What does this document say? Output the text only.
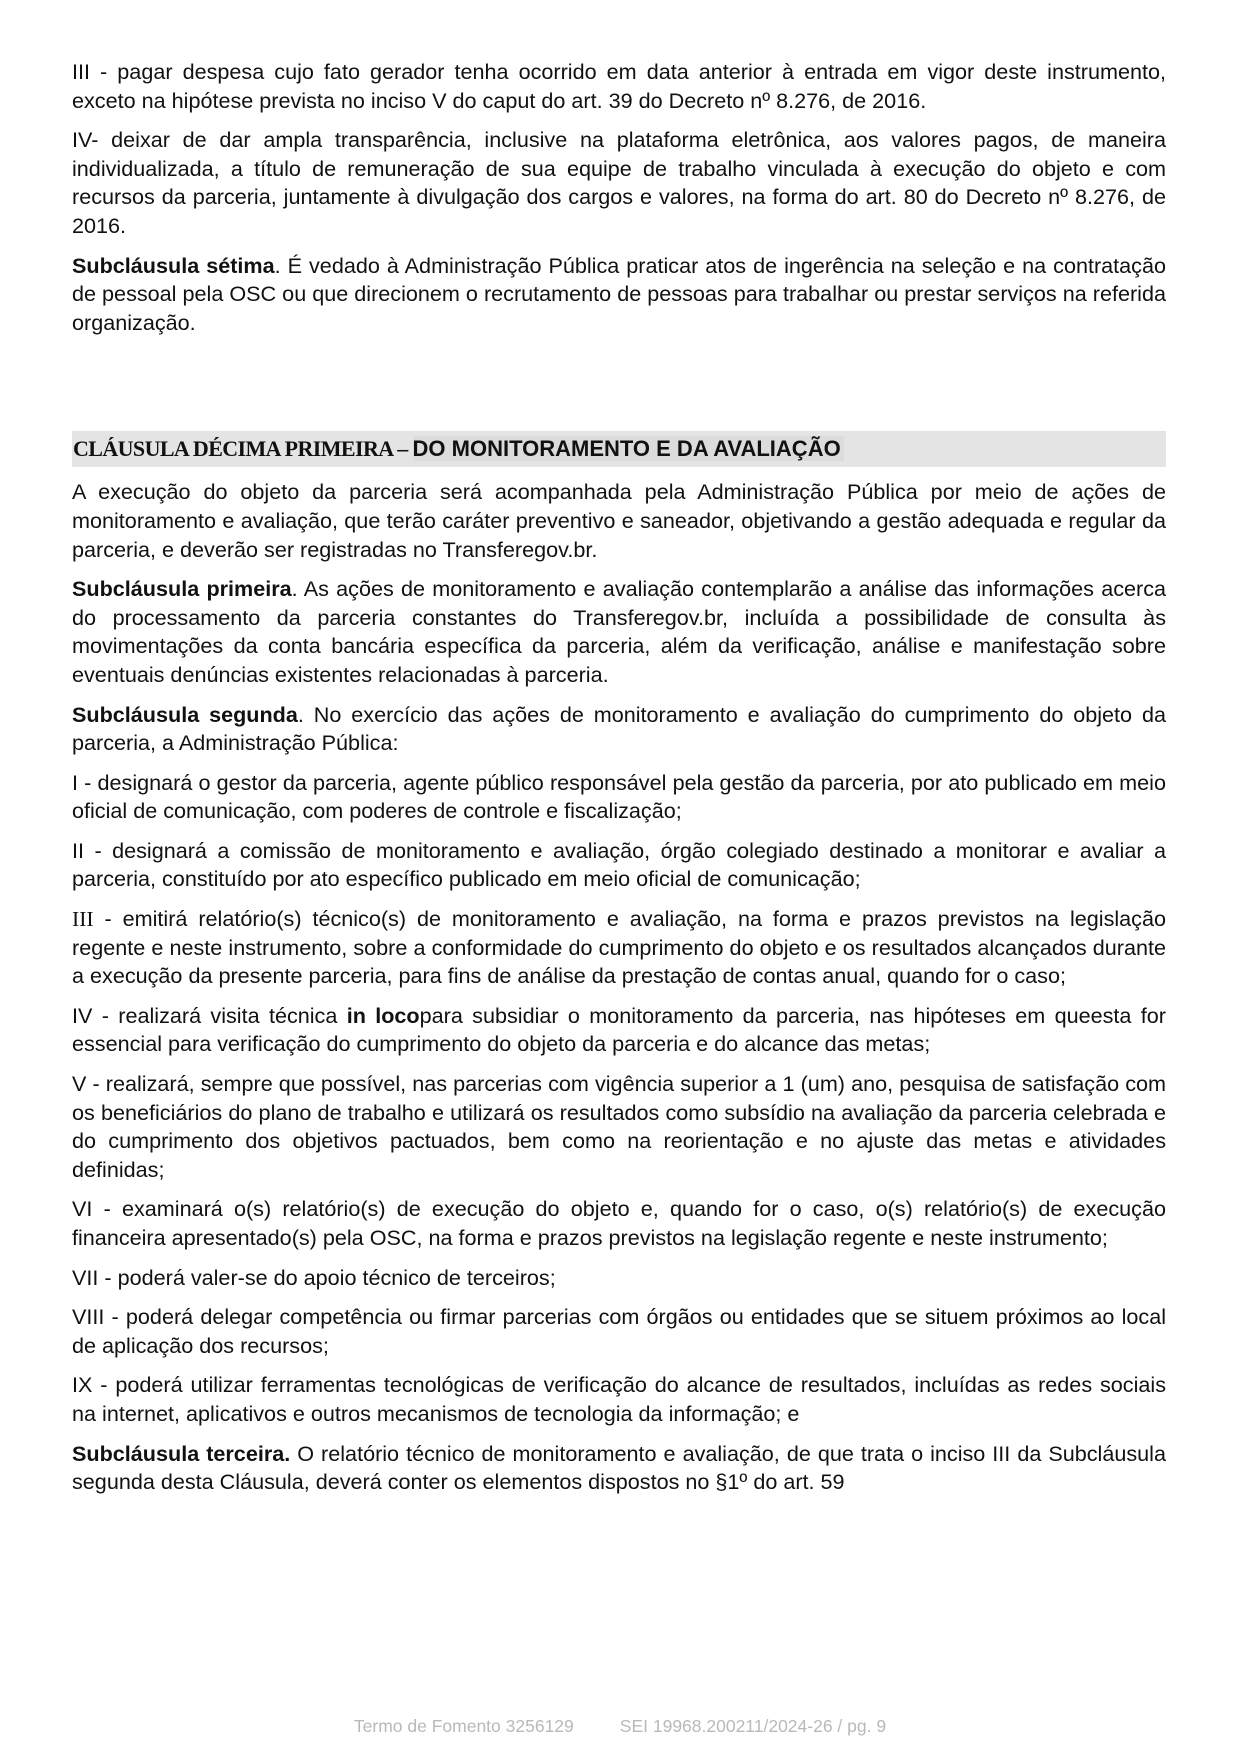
III - pagar despesa cujo fato gerador tenha ocorrido em data anterior à entrada em vigor deste instrumento, exceto na hipótese prevista no inciso V do caput do art. 39 do Decreto nº 8.276, de 2016.

IV- deixar de dar ampla transparência, inclusive na plataforma eletrônica, aos valores pagos, de maneira individualizada, a título de remuneração de sua equipe de trabalho vinculada à execução do objeto e com recursos da parceria, juntamente à divulgação dos cargos e valores, na forma do art. 80 do Decreto nº 8.276, de 2016.

Subcláusula sétima. É vedado à Administração Pública praticar atos de ingerência na seleção e na contratação de pessoal pela OSC ou que direcionem o recrutamento de pessoas para trabalhar ou prestar serviços na referida organização.

CLÁUSULA DÉCIMA PRIMEIRA – DO MONITORAMENTO E DA AVALIAÇÃO

A execução do objeto da parceria será acompanhada pela Administração Pública por meio de ações de monitoramento e avaliação, que terão caráter preventivo e saneador, objetivando a gestão adequada e regular da parceria, e deverão ser registradas no Transferegov.br.

Subcláusula primeira. As ações de monitoramento e avaliação contemplarão a análise das informações acerca do processamento da parceria constantes do Transferegov.br, incluída a possibilidade de consulta às movimentações da conta bancária específica da parceria, além da verificação, análise e manifestação sobre eventuais denúncias existentes relacionadas à parceria.

Subcláusula segunda. No exercício das ações de monitoramento e avaliação do cumprimento do objeto da parceria, a Administração Pública:

I - designará o gestor da parceria, agente público responsável pela gestão da parceria, por ato publicado em meio oficial de comunicação, com poderes de controle e fiscalização;

II - designará a comissão de monitoramento e avaliação, órgão colegiado destinado a monitorar e avaliar a parceria, constituído por ato específico publicado em meio oficial de comunicação;

III - emitirá relatório(s) técnico(s) de monitoramento e avaliação, na forma e prazos previstos na legislação regente e neste instrumento, sobre a conformidade do cumprimento do objeto e os resultados alcançados durante a execução da presente parceria, para fins de análise da prestação de contas anual, quando for o caso;

IV - realizará visita técnica in locopara subsidiar o monitoramento da parceria, nas hipóteses em queesta for essencial para verificação do cumprimento do objeto da parceria e do alcance das metas;

V - realizará, sempre que possível, nas parcerias com vigência superior a 1 (um) ano, pesquisa de satisfação com os beneficiários do plano de trabalho e utilizará os resultados como subsídio na avaliação da parceria celebrada e do cumprimento dos objetivos pactuados, bem como na reorientação e no ajuste das metas e atividades definidas;

VI - examinará o(s) relatório(s) de execução do objeto e, quando for o caso, o(s) relatório(s) de execução financeira apresentado(s) pela OSC, na forma e prazos previstos na legislação regente e neste instrumento;

VII - poderá valer-se do apoio técnico de terceiros;

VIII - poderá delegar competência ou firmar parcerias com órgãos ou entidades que se situem próximos ao local de aplicação dos recursos;

IX - poderá utilizar ferramentas tecnológicas de verificação do alcance de resultados, incluídas as redes sociais na internet, aplicativos e outros mecanismos de tecnologia da informação; e

Subcláusula terceira. O relatório técnico de monitoramento e avaliação, de que trata o inciso III da Subcláusula segunda desta Cláusula, deverá conter os elementos dispostos no §1º do art. 59

Termo de Fomento 3256129	SEI 19968.200211/2024-26 / pg. 9
